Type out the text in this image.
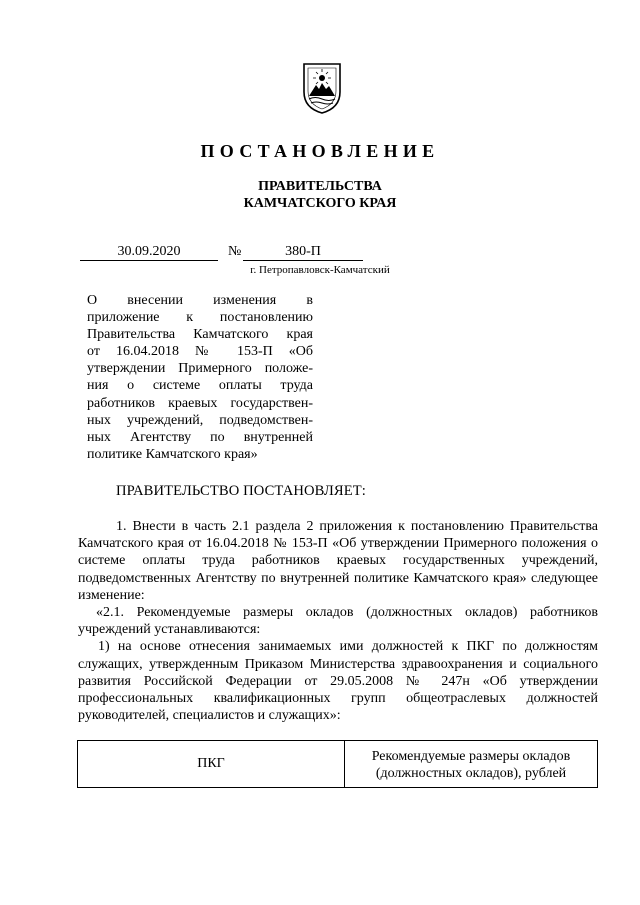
ПОСТАНОВЛЕНИЕ
ПРАВИТЕЛЬСТВА
КАМЧАТСКОГО КРАЯ
30.09.2020	№	380-П
г. Петропавловск-Камчатский
О внесении изменения в
приложение к постановлению
Правительства Камчатского края
от 16.04.2018 № 153-П «Об
утверждении Примерного положе-
ния о системе оплаты труда
работников краевых государствен-
ных учреждений, подведомствен-
ных Агентству по внутренней
политике Камчатского края»
ПРАВИТЕЛЬСТВО ПОСТАНОВЛЯЕТ:

1. Внести в часть 2.1 раздела 2 приложения к постановлению Правительства Камчатского края от 16.04.2018 № 153-П «Об утверждении Примерного положения о системе оплаты труда работников краевых государственных учреждений, подведомственных Агентству по внутренней политике Камчатского края» следующее изменение:

«2.1. Рекомендуемые размеры окладов (должностных окладов) работников учреждений устанавливаются:

1) на основе отнесения занимаемых ими должностей к ПКГ по должностям служащих, утвержденным Приказом Министерства здравоохранения и социального развития Российской Федерации от 29.05.2008 № 247н «Об утверждении профессиональных квалификационных групп общеотраслевых должностей руководителей, специалистов и служащих»:

ПКГ	Рекомендуемые размеры окладов
(должностных окладов), рублей
